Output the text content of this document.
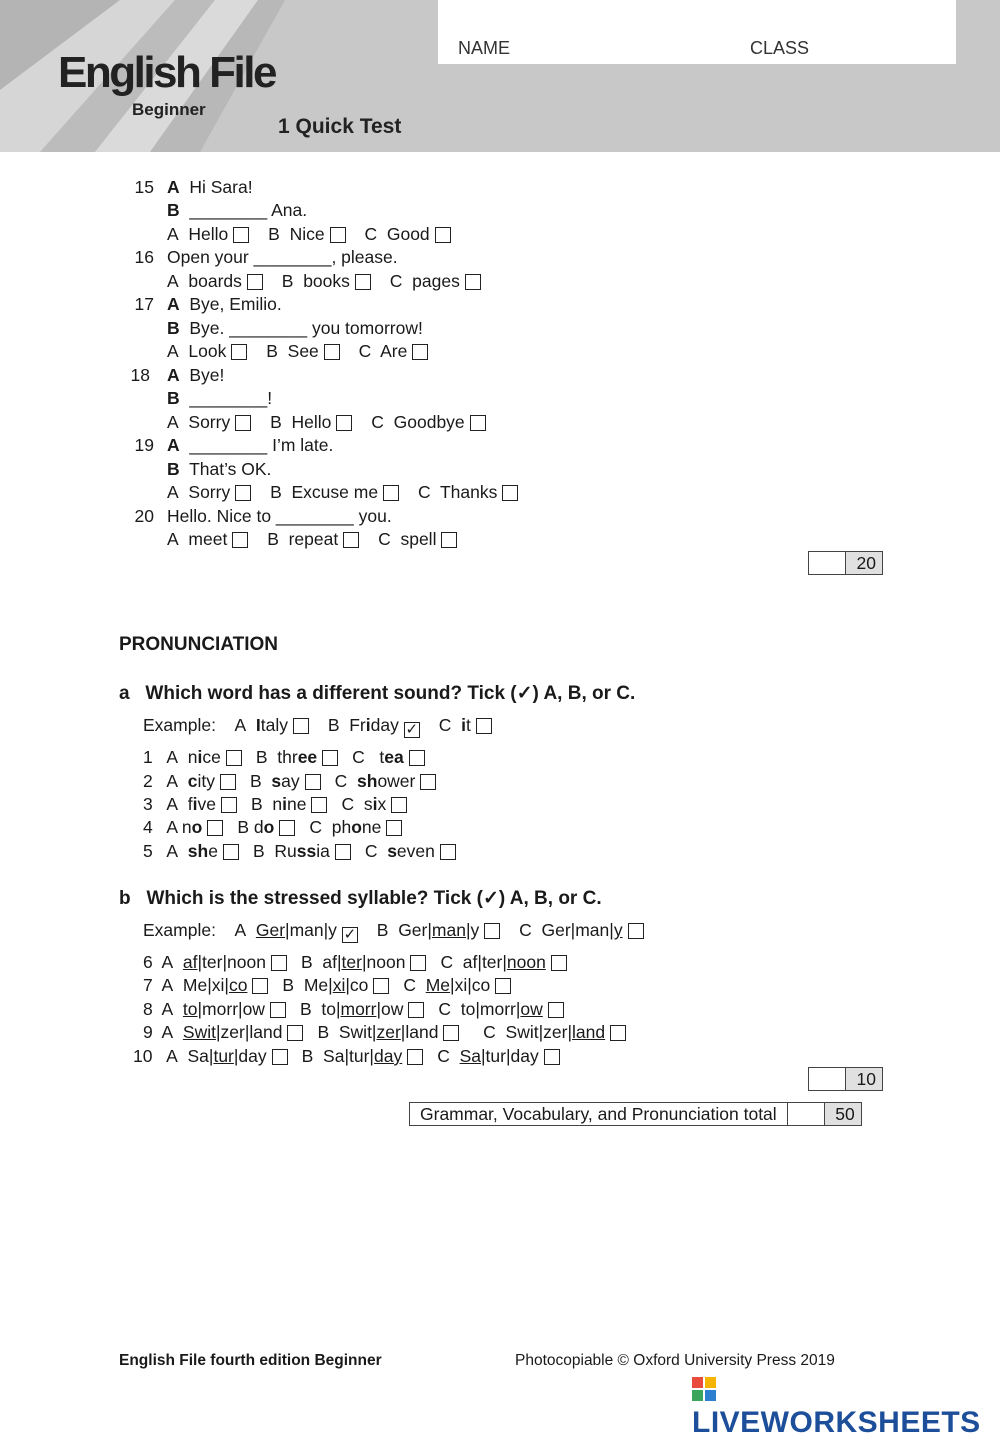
English File
Beginner
NAME	CLASS
1 Quick Test
15 A Hi Sara!
B ________ Ana.
A  Hello B  Nice C  Good
16 Open your ________, please.
A  boards B  books C  pages
17 A Bye, Emilio.
B Bye. ________ you tomorrow!
A  Look B  See C  Are
18 A Bye!
B ________!
A  Sorry B  Hello C  Goodbye
19 A ________ I’m late.
B That’s OK.
A  Sorry B  Excuse me C  Thanks
20 Hello. Nice to ________ you.
A  meet B  repeat C  spell
20
PRONUNCIATION
a   Which word has a different sound? Tick (✓) A, B, or C.
Example: A  Italy B  Friday ✓ C  it
1   A  nice B  three C   tea
2   A  city B  say C  shower
3   A  five B  nine C  six
4   A no B do C  phone
5   A  she B  Russia C  seven
b   Which is the stressed syllable? Tick (✓) A, B, or C.
Example: A  Ger|man|y ✓ B  Ger|man|y C  Ger|man|y
6  A  af|ter|noon B  af|ter|noon C  af|ter|noon
7  A  Me|xi|co B  Me|xi|co C  Me|xi|co
8  A  to|morr|ow B  to|morr|ow C  to|morr|ow
9  A  Swit|zer|land B  Swit|zer|land	C  Swit|zer|land
10   A  Sa|tur|day B  Sa|tur|day C  Sa|tur|day
10
Grammar, Vocabulary, and Pronunciation total	50
English File fourth edition Beginner	Photocopiable © Oxford University Press 2019
LIVEWORKSHEETS
